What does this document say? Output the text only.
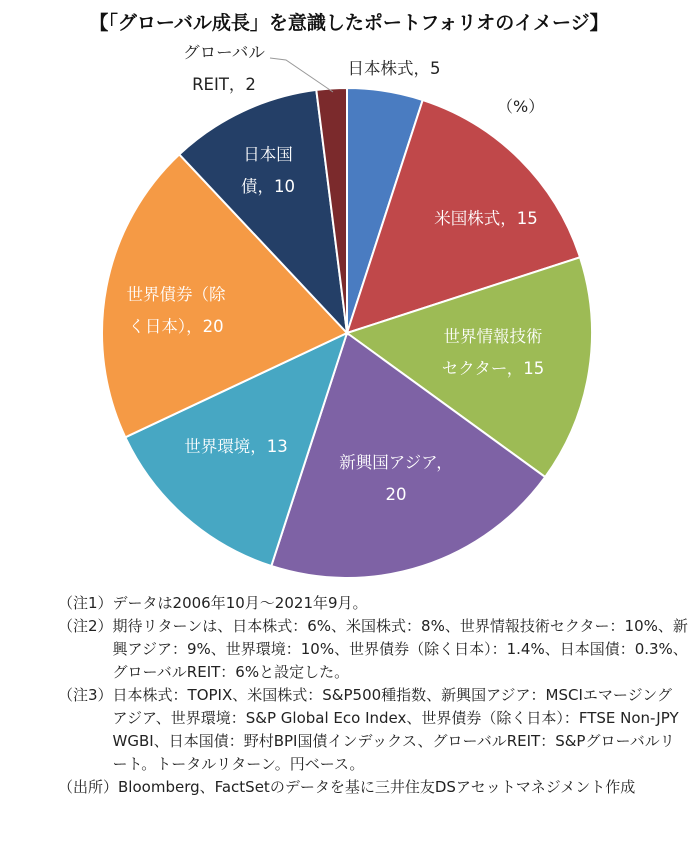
【「グローバル成長」を意識したポートフォリオのイメージ】
（%）
日本株式，5
米国株式，15
世界情報技術セクター，15
新興国アジア， 20
世界環境，13
世界債券（除く日本），20
日本国債，10
グローバル REIT，2
（注1） データは2006年10月～2021年9月。
（注2） 期待リターンは、日本株式：6%、米国株式：8%、世界情報技術セクター：10%、新興アジア：9%、世界環境：10%、世界債券（除く日本）：1.4%、日本国債：0.3%、グローバルREIT：6%と設定した。
（注3） 日本株式：TOPIX、米国株式：S&P500種指数、新興国アジア：MSCIエマージング アジア、世界環境：S&P Global Eco Index、世界債券（除く日本）：FTSE Non-JPY WGBI、日本国債：野村BPI国債インデックス、グローバルREIT：S&Pグローバルリート。トータルリターン。円ベース。
（出所） Bloomberg、FactSetのデータを基に三井住友DSアセットマネジメント作成
